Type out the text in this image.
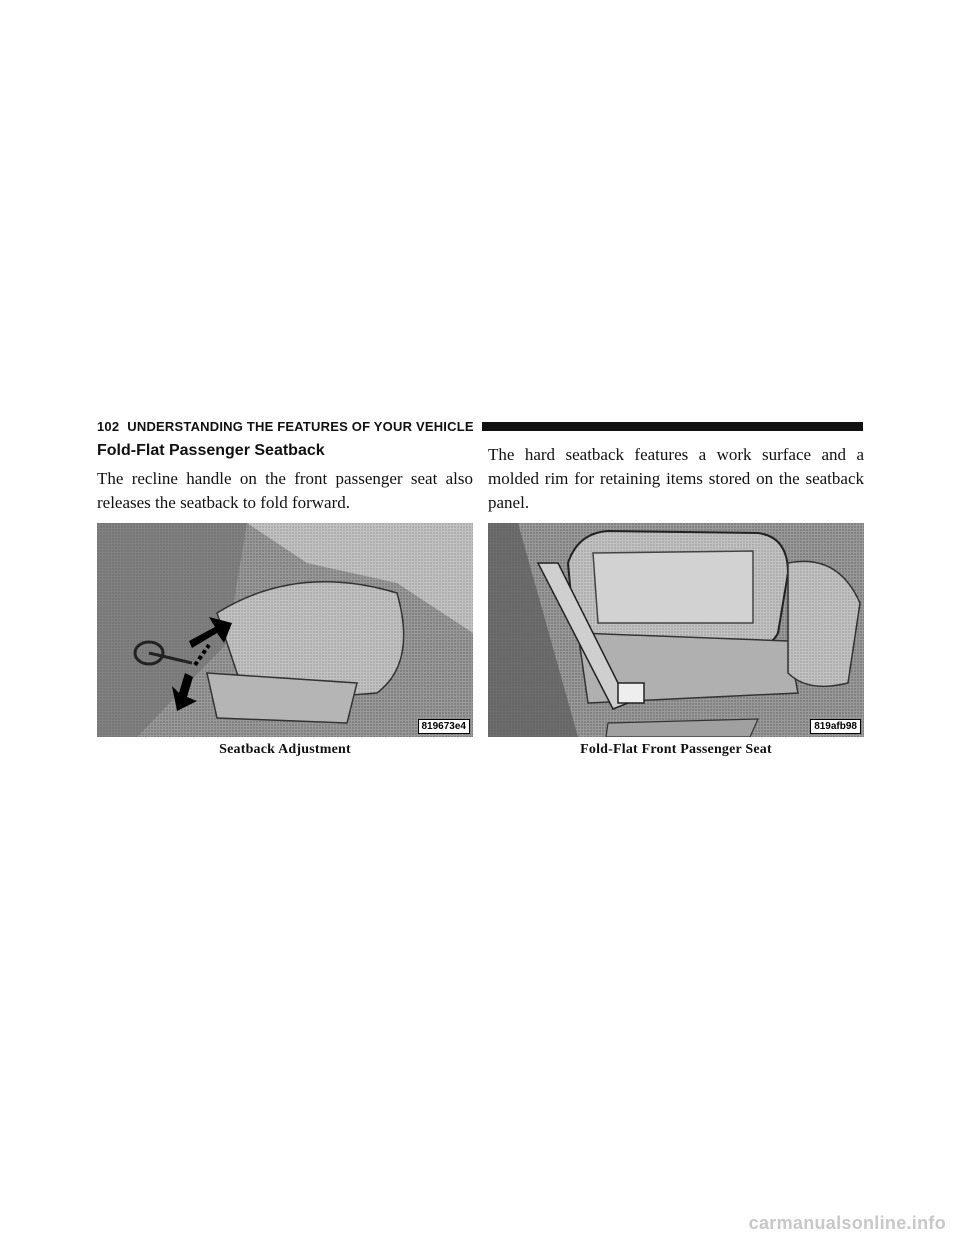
102 UNDERSTANDING THE FEATURES OF YOUR VEHICLE
Fold-Flat Passenger Seatback

The recline handle on the front passenger seat also releases the seatback to fold forward.

819673e4
Seatback Adjustment

The hard seatback features a work surface and a molded rim for retaining items stored on the seatback panel.

819afb98
Fold-Flat Front Passenger Seat
carmanualsonline.info
